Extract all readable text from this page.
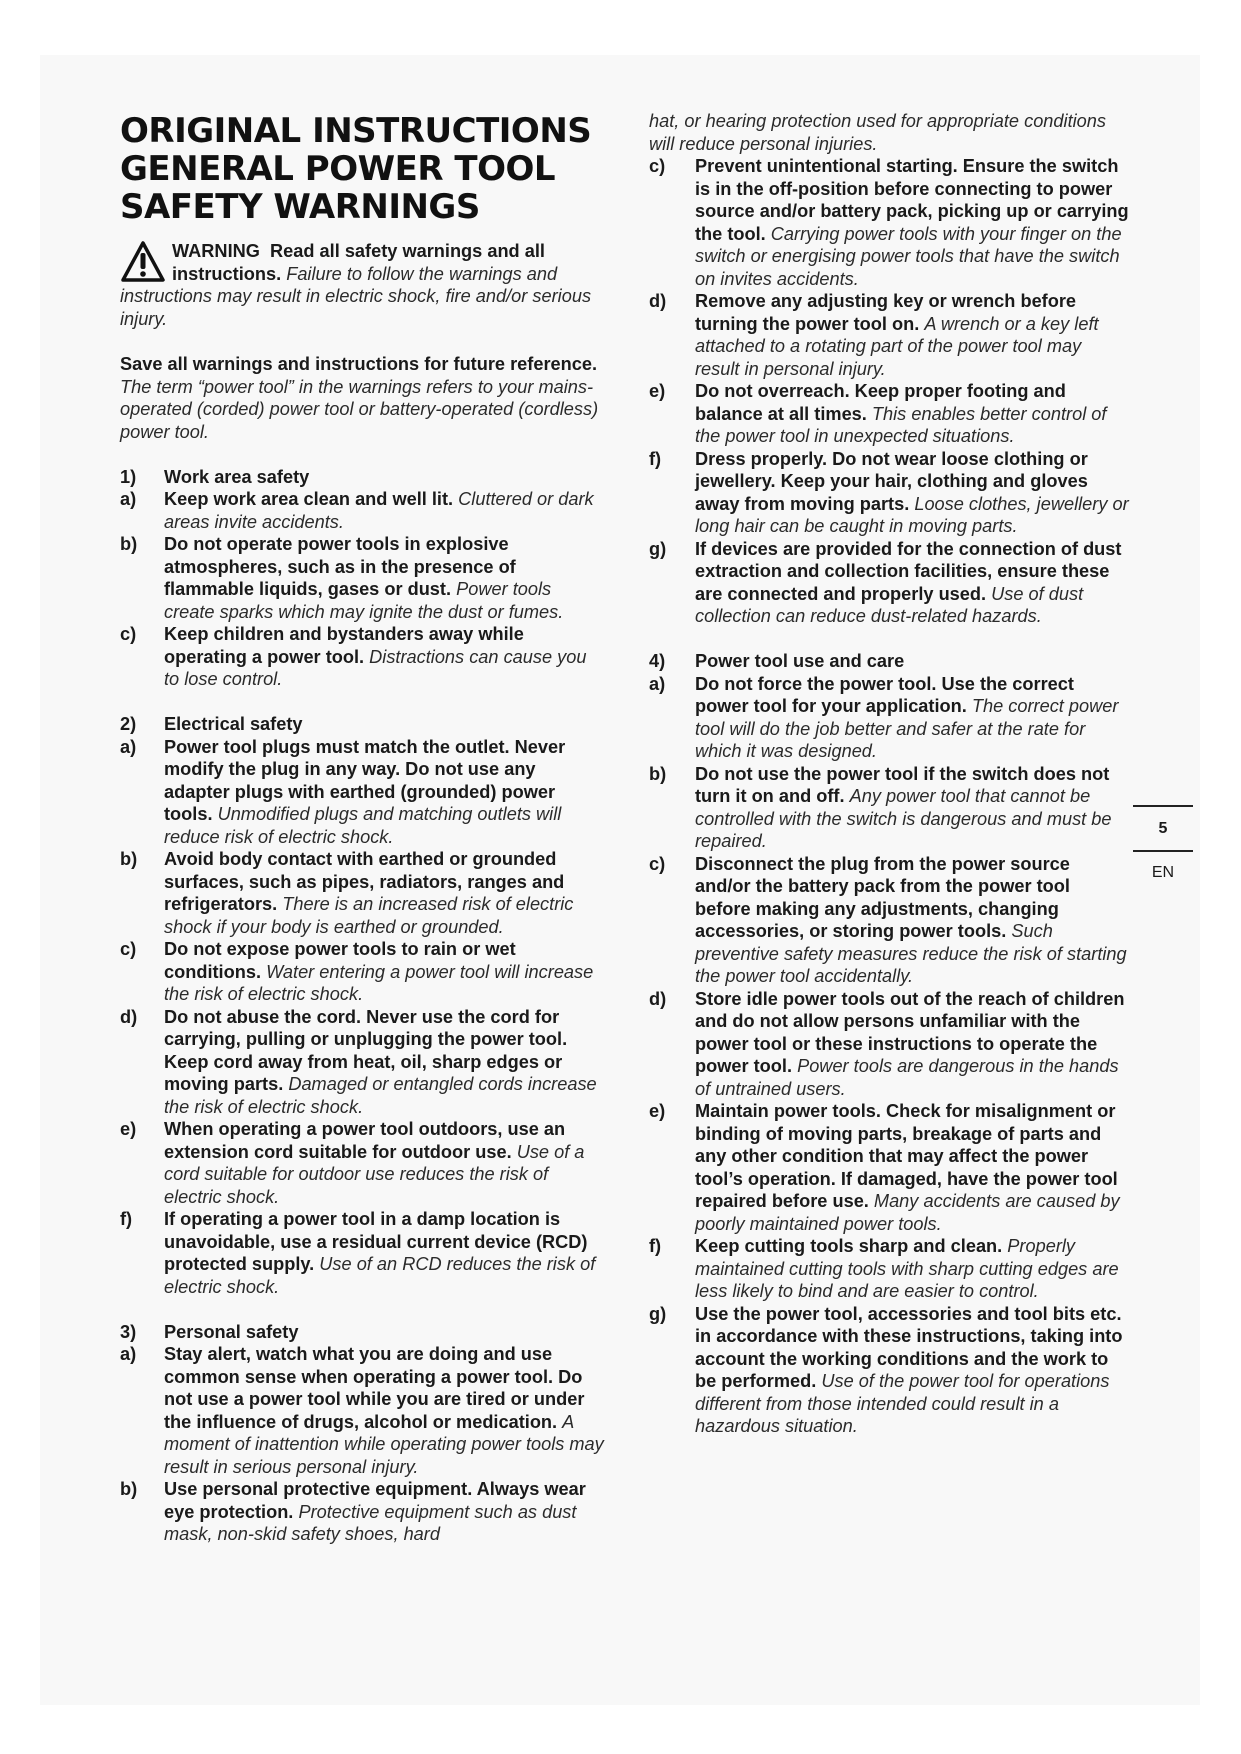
ORIGINAL INSTRUCTIONS
GENERAL POWER TOOL
SAFETY WARNINGS

WARNING Read all safety warnings and all instructions. Failure to follow the warnings and instructions may result in electric shock, fire and/or serious injury.

Save all warnings and instructions for future reference.
The term “power tool” in the warnings refers to your mains-operated (corded) power tool or battery-operated (cordless) power tool.

1)	Work area safety
a)	Keep work area clean and well lit. Cluttered or dark areas invite accidents.
b)	Do not operate power tools in explosive atmospheres, such as in the presence of flammable liquids, gases or dust. Power tools create sparks which may ignite the dust or fumes.
c)	Keep children and bystanders away while operating a power tool. Distractions can cause you to lose control.
2)	Electrical safety
a)	Power tool plugs must match the outlet. Never modify the plug in any way. Do not use any adapter plugs with earthed (grounded) power tools. Unmodified plugs and matching outlets will reduce risk of electric shock.
b)	Avoid body contact with earthed or grounded surfaces, such as pipes, radiators, ranges and refrigerators. There is an increased risk of electric shock if your body is earthed or grounded.
c)	Do not expose power tools to rain or wet conditions. Water entering a power tool will increase the risk of electric shock.
d)	Do not abuse the cord. Never use the cord for carrying, pulling or unplugging the power tool. Keep cord away from heat, oil, sharp edges or moving parts. Damaged or entangled cords increase the risk of electric shock.
e)	When operating a power tool outdoors, use an extension cord suitable for outdoor use. Use of a cord suitable for outdoor use reduces the risk of electric shock.
f)	If operating a power tool in a damp location is unavoidable, use a residual current device (RCD) protected supply. Use of an RCD reduces the risk of electric shock.
3)	Personal safety
a)	Stay alert, watch what you are doing and use common sense when operating a power tool. Do not use a power tool while you are tired or under the influence of drugs, alcohol or medication. A moment of inattention while operating power tools may result in serious personal injury.
b)	Use personal protective equipment. Always wear eye protection. Protective equipment such as dust mask, non-skid safety shoes, hard

hat, or hearing protection used for appropriate conditions will reduce personal injuries.

c)	Prevent unintentional starting. Ensure the switch is in the off-position before connecting to power source and/or battery pack, picking up or carrying the tool. Carrying power tools with your finger on the switch or energising power tools that have the switch on invites accidents.
d)	Remove any adjusting key or wrench before turning the power tool on. A wrench or a key left attached to a rotating part of the power tool may result in personal injury.
e)	Do not overreach. Keep proper footing and balance at all times. This enables better control of the power tool in unexpected situations.
f)	Dress properly. Do not wear loose clothing or jewellery. Keep your hair, clothing and gloves away from moving parts. Loose clothes, jewellery or long hair can be caught in moving parts.
g)	If devices are provided for the connection of dust extraction and collection facilities, ensure these are connected and properly used. Use of dust collection can reduce dust-related hazards.
4)	Power tool use and care
a)	Do not force the power tool. Use the correct power tool for your application. The correct power tool will do the job better and safer at the rate for which it was designed.
b)	Do not use the power tool if the switch does not turn it on and off. Any power tool that cannot be controlled with the switch is dangerous and must be repaired.
c)	Disconnect the plug from the power source and/or the battery pack from the power tool before making any adjustments, changing accessories, or storing power tools. Such preventive safety measures reduce the risk of starting the power tool accidentally.
d)	Store idle power tools out of the reach of children and do not allow persons unfamiliar with the power tool or these instructions to operate the power tool. Power tools are dangerous in the hands of untrained users.
e)	Maintain power tools. Check for misalignment or binding of moving parts, breakage of parts and any other condition that may affect the power tool’s operation. If damaged, have the power tool repaired before use. Many accidents are caused by poorly maintained power tools.
f)	Keep cutting tools sharp and clean. Properly maintained cutting tools with sharp cutting edges are less likely to bind and are easier to control.
g)	Use the power tool, accessories and tool bits etc. in accordance with these instructions, taking into account the working conditions and the work to be performed. Use of the power tool for operations different from those intended could result in a hazardous situation.
5
EN
